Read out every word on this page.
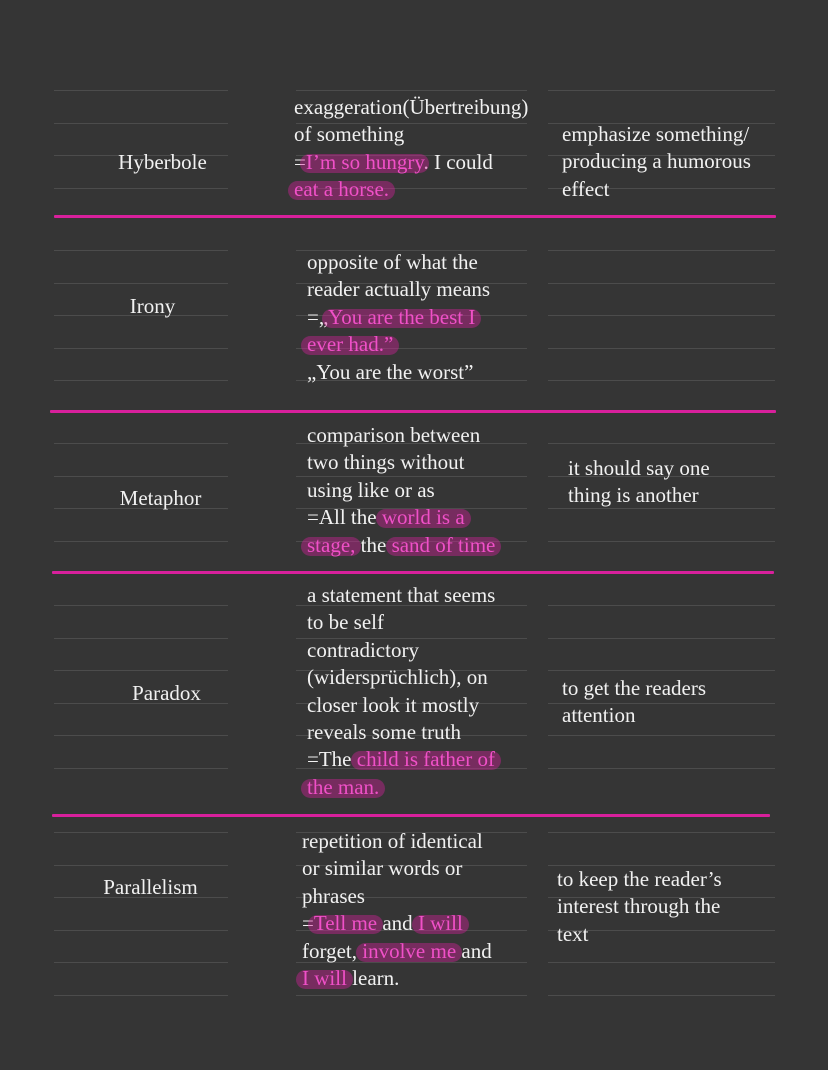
Hyberbole
exaggeration(Übertreibung)
of something
=I’m so hungry. I could
eat a horse.
emphasize something/
producing a humorous
effect
Irony
opposite of what the
reader actually means
=„You are the best I
ever had.”
„You are the worst”
Metaphor
comparison between
two things without
using like or as
=All the world is a
stage, the sand of time
it should say one
thing is another
Paradox
a statement that seems
to be self
contradictory
(widersprüchlich), on
closer look it mostly
reveals some truth
=The child is father of
the man.
to get the readers
attention
Parallelism
repetition of identical
or similar words or
phrases
=Tell me and I will
forget, involve me and
I will learn.
to keep the reader’s
interest through the
text
